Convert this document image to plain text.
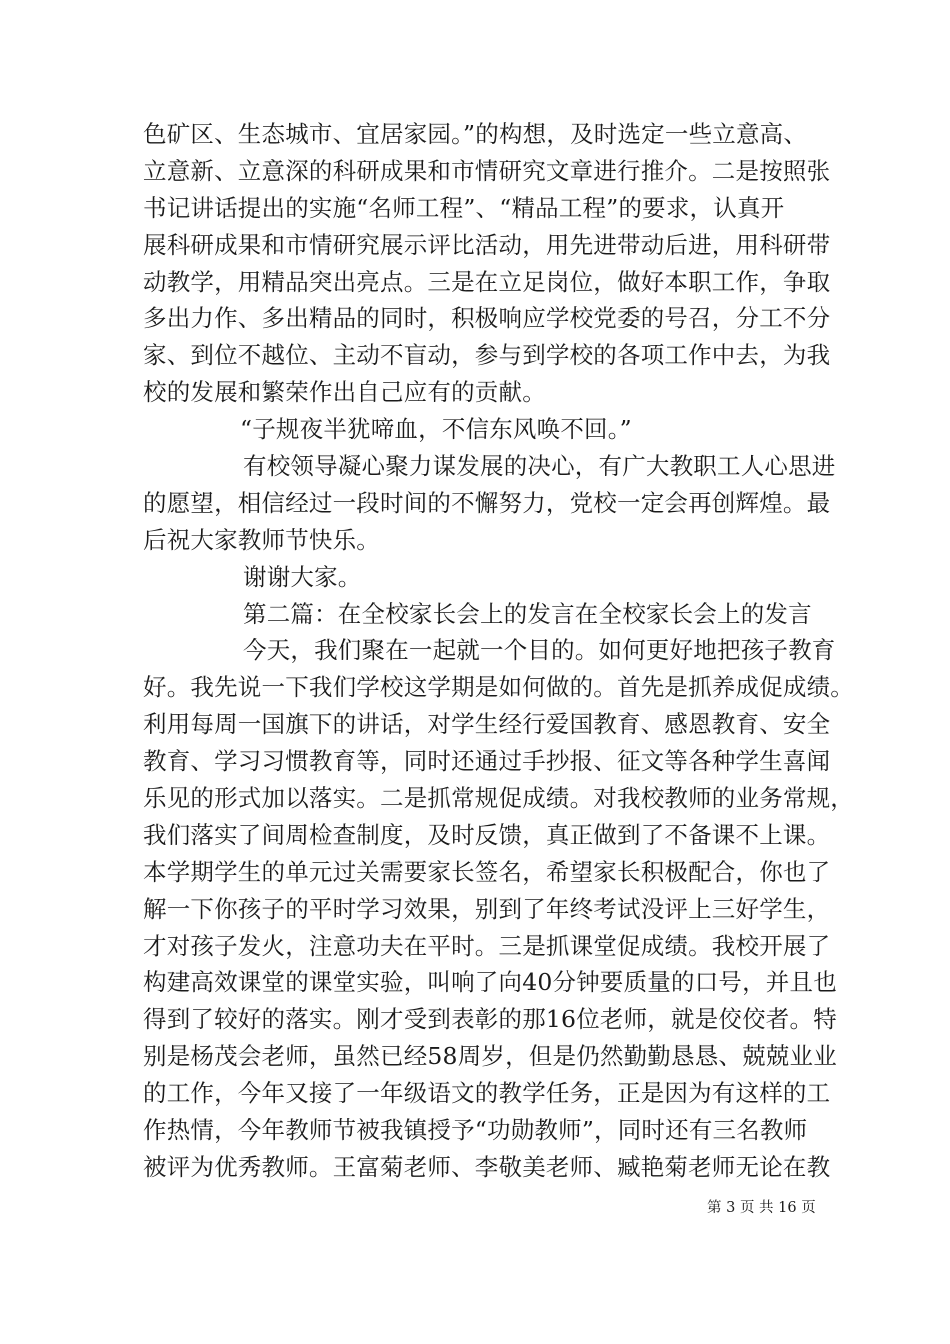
色矿区、生态城市、宜居家园。”的构想，及时选定一些立意高、
立意新、立意深的科研成果和市情研究文章进行推介。二是按照张
书记讲话提出的实施“名师工程”、“精品工程”的要求，认真开
展科研成果和市情研究展示评比活动，用先进带动后进，用科研带
动教学，用精品突出亮点。三是在立足岗位，做好本职工作，争取
多出力作、多出精品的同时，积极响应学校党委的号召，分工不分
家、到位不越位、主动不盲动，参与到学校的各项工作中去，为我
校的发展和繁荣作出自己应有的贡献。
“子规夜半犹啼血，不信东风唤不回。”
有校领导凝心聚力谋发展的决心，有广大教职工人心思进
的愿望，相信经过一段时间的不懈努力，党校一定会再创辉煌。最
后祝大家教师节快乐。
谢谢大家。
第二篇：在全校家长会上的发言在全校家长会上的发言
今天，我们聚在一起就一个目的。如何更好地把孩子教育
好。我先说一下我们学校这学期是如何做的。首先是抓养成促成绩。
利用每周一国旗下的讲话，对学生经行爱国教育、感恩教育、安全
教育、学习习惯教育等，同时还通过手抄报、征文等各种学生喜闻
乐见的形式加以落实。二是抓常规促成绩。对我校教师的业务常规，
我们落实了间周检查制度，及时反馈，真正做到了不备课不上课。
本学期学生的单元过关需要家长签名，希望家长积极配合，你也了
解一下你孩子的平时学习效果，别到了年终考试没评上三好学生，
才对孩子发火，注意功夫在平时。三是抓课堂促成绩。我校开展了
构建高效课堂的课堂实验，叫响了向40分钟要质量的口号，并且也
得到了较好的落实。刚才受到表彰的那16位老师，就是佼佼者。特
别是杨茂会老师，虽然已经58周岁，但是仍然勤勤恳恳、兢兢业业
的工作，今年又接了一年级语文的教学任务，正是因为有这样的工
作热情，今年教师节被我镇授予“功勋教师”，同时还有三名教师
被评为优秀教师。王富菊老师、李敬美老师、臧艳菊老师无论在教
第 3 页 共 16 页
